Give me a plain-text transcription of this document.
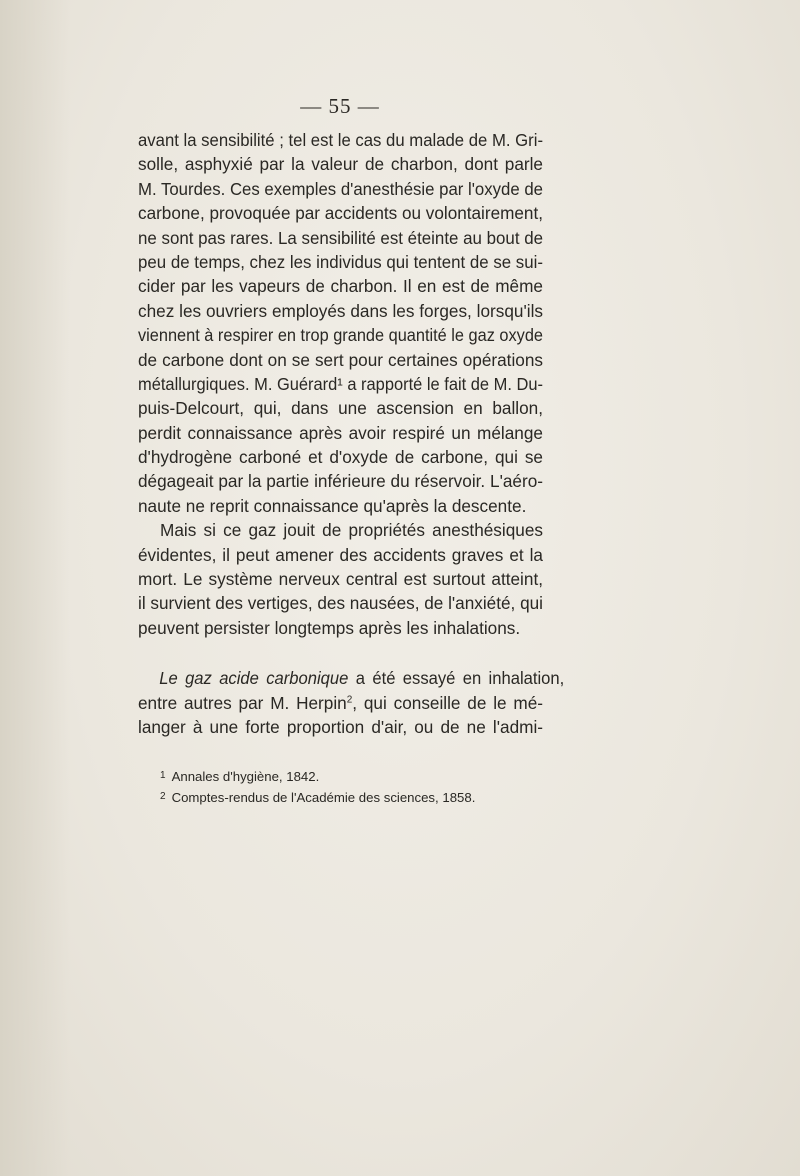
— 55 —
avant la sensibilité ; tel est le cas du malade de M. Gri-
solle, asphyxié par la valeur de charbon, dont parle
M. Tourdes. Ces exemples d'anesthésie par l'oxyde de
carbone, provoquée par accidents ou volontairement,
ne sont pas rares. La sensibilité est éteinte au bout de
peu de temps, chez les individus qui tentent de se sui-
cider par les vapeurs de charbon. Il en est de même
chez les ouvriers employés dans les forges, lorsqu'ils
viennent à respirer en trop grande quantité le gaz oxyde
de carbone dont on se sert pour certaines opérations
métallurgiques. M. Guérard¹ a rapporté le fait de M. Du-
puis-Delcourt, qui, dans une ascension en ballon,
perdit connaissance après avoir respiré un mélange
d'hydrogène carboné et d'oxyde de carbone, qui se
dégageait par la partie inférieure du réservoir. L'aéro-
naute ne reprit connaissance qu'après la descente.
Mais si ce gaz jouit de propriétés anesthésiques
évidentes, il peut amener des accidents graves et la
mort. Le système nerveux central est surtout atteint,
il survient des vertiges, des nausées, de l'anxiété, qui
peuvent persister longtemps après les inhalations.
Le gaz acide carbonique a été essayé en inhalation,
entre autres par M. Herpin$^2$, qui conseille de le mé-
langer à une forte proportion d'air, ou de ne l'admi-
$^1$ Annales d'hygiène, 1842.
$^2$ Comptes-rendus de l'Académie des sciences, 1858.
